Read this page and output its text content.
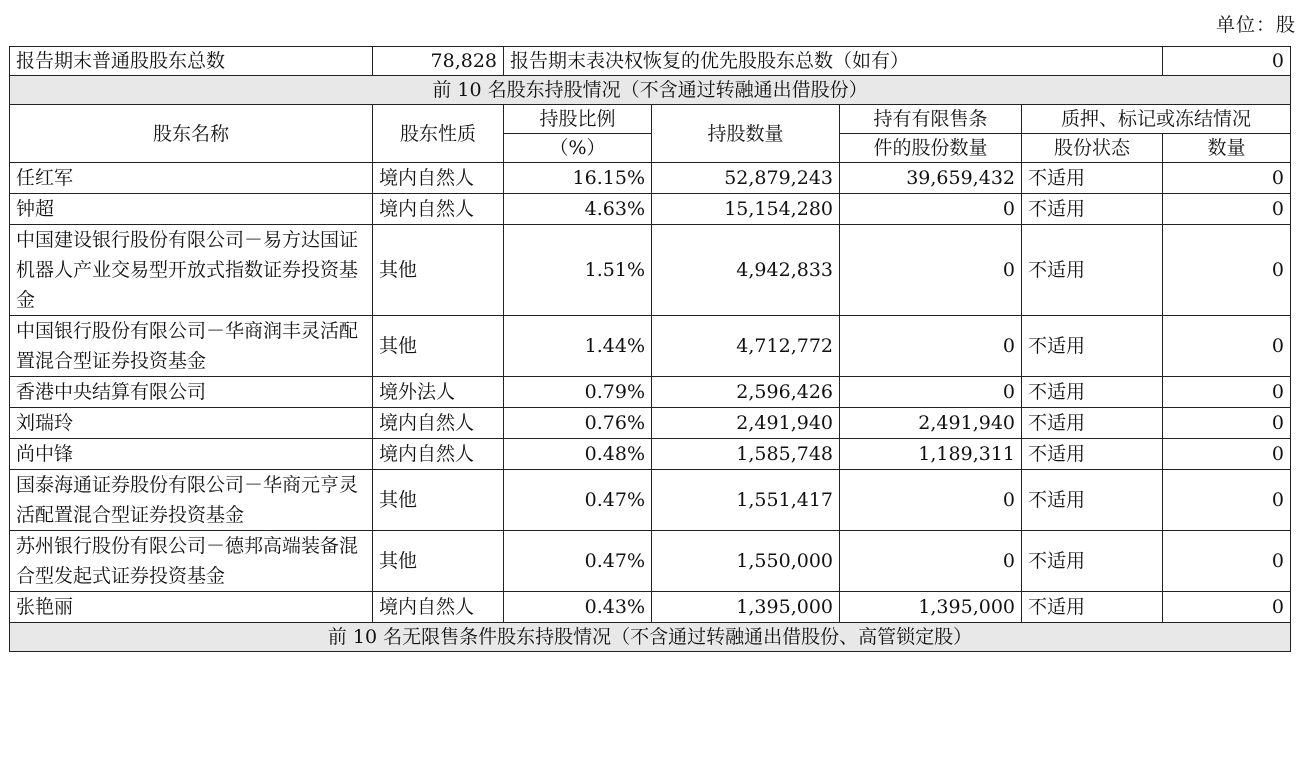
单位：股
报告期末普通股股东总数	78,828	报告期末表决权恢复的优先股股东总数（如有）				0
前 10 名股东持股情况（不含通过转融通出借股份）						
股东名称	股东性质	持股比例	持股数量	持有有限售条	质押、标记或冻结情况	
		（%）		件的股份数量	股份状态	数量
任红军	境内自然人	16.15%	52,879,243	39,659,432	不适用	0
钟超	境内自然人	4.63%	15,154,280	0	不适用	0
中国建设银行股份有限公司－易方达国证机器人产业交易型开放式指数证券投资基金	其他	1.51%	4,942,833	0	不适用	0
中国银行股份有限公司－华商润丰灵活配置混合型证券投资基金	其他	1.44%	4,712,772	0	不适用	0
香港中央结算有限公司	境外法人	0.79%	2,596,426	0	不适用	0
刘瑞玲	境内自然人	0.76%	2,491,940	2,491,940	不适用	0
尚中锋	境内自然人	0.48%	1,585,748	1,189,311	不适用	0
国泰海通证券股份有限公司－华商元亨灵活配置混合型证券投资基金	其他	0.47%	1,551,417	0	不适用	0
苏州银行股份有限公司－德邦高端装备混合型发起式证券投资基金	其他	0.47%	1,550,000	0	不适用	0
张艳丽	境内自然人	0.43%	1,395,000	1,395,000	不适用	0
前 10 名无限售条件股东持股情况（不含通过转融通出借股份、高管锁定股）						
